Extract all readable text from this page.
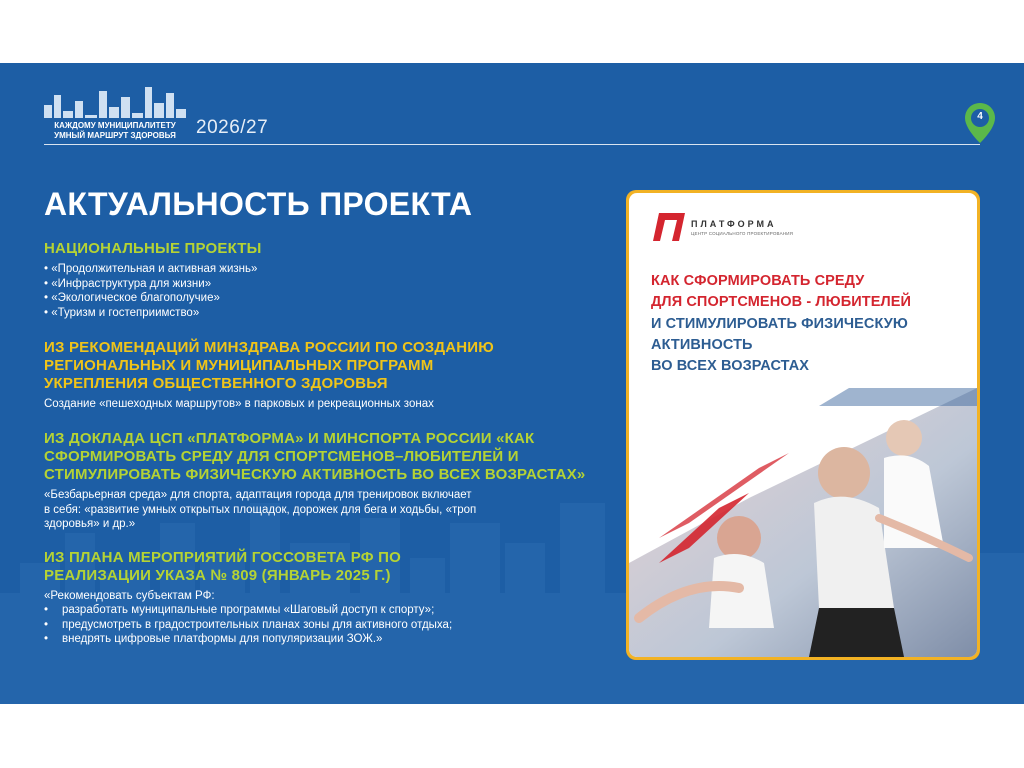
КАЖДОМУ МУНИЦИПАЛИТЕТУ
УМНЫЙ МАРШРУТ ЗДОРОВЬЯ	2026/27
4
АКТУАЛЬНОСТЬ ПРОЕКТА
НАЦИОНАЛЬНЫЕ ПРОЕКТЫ
• «Продолжительная и активная жизнь»
• «Инфраструктура для жизни»
• «Экологическое благополучие»
• «Туризм и гостеприимство»
ИЗ РЕКОМЕНДАЦИЙ МИНЗДРАВА РОССИИ ПО СОЗДАНИЮ
РЕГИОНАЛЬНЫХ И МУНИЦИПАЛЬНЫХ ПРОГРАММ
УКРЕПЛЕНИЯ ОБЩЕСТВЕННОГО ЗДОРОВЬЯ
Создание «пешеходных маршрутов» в парковых и рекреационных зонах
ИЗ ДОКЛАДА ЦСП «ПЛАТФОРМА» И МИНСПОРТА РОССИИ «КАК
СФОРМИРОВАТЬ СРЕДУ ДЛЯ СПОРТСМЕНОВ–ЛЮБИТЕЛЕЙ И
СТИМУЛИРОВАТЬ ФИЗИЧЕСКУЮ АКТИВНОСТЬ ВО ВСЕХ ВОЗРАСТАХ»
«Безбарьерная среда» для спорта, адаптация города для тренировок включает
в себя: «развитие умных открытых площадок, дорожек для бега и ходьбы, «троп
здоровья» и др.»
ИЗ ПЛАНА МЕРОПРИЯТИЙ ГОССОВЕТА РФ ПО
РЕАЛИЗАЦИИ УКАЗА № 809 (ЯНВАРЬ 2025 Г.)
«Рекомендовать субъектам РФ:
•	разработать муниципальные программы «Шаговый доступ к спорту»;
•	предусмотреть в градостроительных планах зоны для активного отдыха;
•	внедрять цифровые платформы для популяризации ЗОЖ.»
ПЛАТФОРМА
ЦЕНТР СОЦИАЛЬНОГО ПРОЕКТИРОВАНИЯ
КАК СФОРМИРОВАТЬ СРЕДУ
ДЛЯ СПОРТСМЕНОВ - ЛЮБИТЕЛЕЙ
И СТИМУЛИРОВАТЬ ФИЗИЧЕСКУЮ
АКТИВНОСТЬ
ВО ВСЕХ ВОЗРАСТАХ
